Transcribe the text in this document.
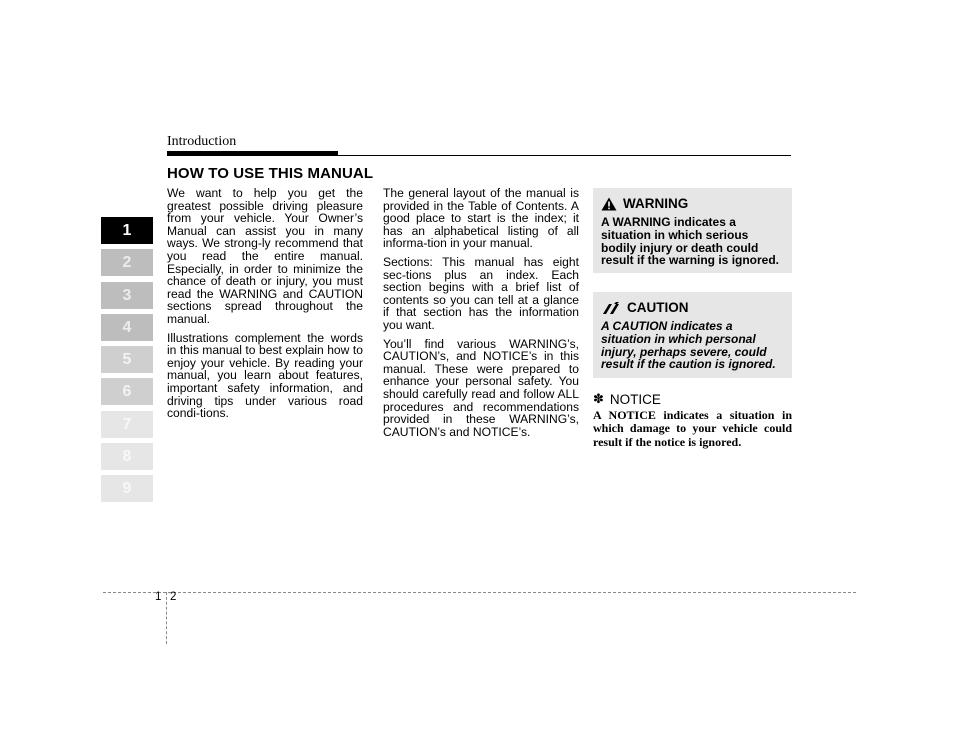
Introduction
HOW TO USE THIS MANUAL
1
2
3
4
5
6
7
8
9

We want to help you get the greatest possible driving pleasure from your vehicle. Your Owner’s Manual can assist you in many ways. We strong-ly recommend that you read the entire manual. Especially, in order to minimize the chance of death or injury, you must read the WARNING and CAUTION sections spread throughout the manual.

Illustrations complement the words in this manual to best explain how to enjoy your vehicle. By reading your manual, you learn about features, important safety information, and driving tips under various road condi-tions.

The general layout of the manual is provided in the Table of Contents. A good place to start is the index; it has an alphabetical listing of all informa-tion in your manual.

Sections: This manual has eight sec-tions plus an index. Each section begins with a brief list of contents so you can tell at a glance if that section has the information you want.

You’ll find various WARNING’s, CAUTION’s, and NOTICE’s in this manual. These were prepared to enhance your personal safety. You should carefully read and follow ALL procedures and recommendations provided in these WARNING’s, CAUTION’s and NOTICE’s.

WARNING
A WARNING indicates a situation in which serious bodily injury or death could result if the warning is ignored.
CAUTION
A CAUTION indicates a situation in which personal injury, perhaps severe, could result if the caution is ignored.
✽ NOTICE
A NOTICE indicates a situation in which damage to your vehicle could result if the notice is ignored.
1 2
